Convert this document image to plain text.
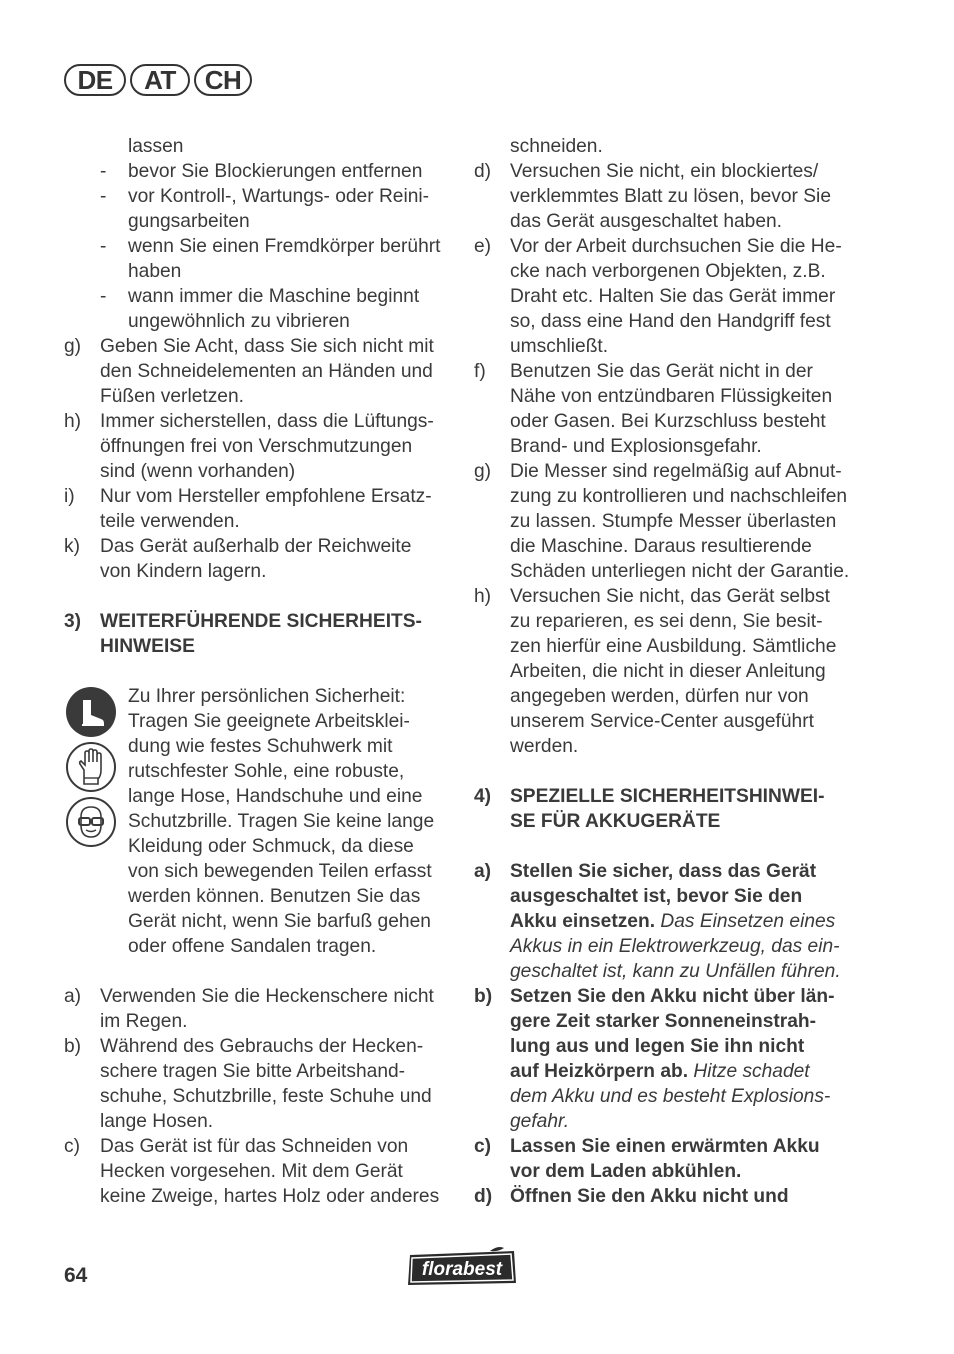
DE	AT	CH
lassen
-	bevor Sie Blockierungen entfernen
-	vor Kontroll-, Wartungs- oder Reini-
gungsarbeiten
-	wenn Sie einen Fremdkörper berührt
haben
-	wann immer die Maschine beginnt
ungewöhnlich zu vibrieren
g) Geben Sie Acht, dass Sie sich nicht mit
den Schneidelementen an Händen und
Füßen verletzen.
h) Immer sicherstellen, dass die Lüftungs-
öffnungen frei von Verschmutzungen
sind (wenn vorhanden)
i)	Nur vom Hersteller empfohlene Ersatz-
teile verwenden.
k)	Das Gerät außerhalb der Reichweite
von Kindern lagern.
3) WEITERFÜHRENDE SICHERHEITS-
HINWEISE
Zu Ihrer persönlichen Sicherheit:
Tragen Sie geeignete Arbeitsklei-
dung wie festes Schuhwerk mit
rutschfester Sohle, eine robuste,
lange Hose, Handschuhe und eine
Schutzbrille. Tragen Sie keine lange
Kleidung oder Schmuck, da diese
von sich bewegenden Teilen erfasst
werden können. Benutzen Sie das
Gerät nicht, wenn Sie barfuß gehen
oder offene Sandalen tragen.
a) Verwenden Sie die Heckenschere nicht
im Regen.
b) Während des Gebrauchs der Hecken-
schere tragen Sie bitte Arbeitshand-
schuhe, Schutzbrille, feste Schuhe und
lange Hosen.
c)	Das Gerät ist für das Schneiden von
Hecken vorgesehen. Mit dem Gerät
keine Zweige, hartes Holz oder anderes
schneiden.
d) Versuchen Sie nicht, ein blockiertes/
verklemmtes Blatt zu lösen, bevor Sie
das Gerät ausgeschaltet haben.
e) Vor der Arbeit durchsuchen Sie die He-
cke nach verborgenen Objekten, z.B.
Draht etc. Halten Sie das Gerät immer
so, dass eine Hand den Handgriff fest
umschließt.
f)	Benutzen Sie das Gerät nicht in der
Nähe von entzündbaren Flüssigkeiten
oder Gasen. Bei Kurzschluss besteht
Brand- und Explosionsgefahr.
g) Die Messer sind regelmäßig auf Abnut-
zung zu kontrollieren und nachschleifen
zu lassen. Stumpfe Messer überlasten
die Maschine. Daraus resultierende
Schäden unterliegen nicht der Garantie.
h) Versuchen Sie nicht, das Gerät selbst
zu reparieren, es sei denn, Sie besit-
zen hierfür eine Ausbildung. Sämtliche
Arbeiten, die nicht in dieser Anleitung
angegeben werden, dürfen nur von
unserem Service-Center ausgeführt
werden.
4) SPEZIELLE SICHERHEITSHINWEI-
SE FÜR AKKUGERÄTE
a) Stellen Sie sicher, dass das Gerät
ausgeschaltet ist, bevor Sie den
Akku einsetzen. Das Einsetzen eines
Akkus in ein Elektrowerkzeug, das ein-
geschaltet ist, kann zu Unfällen führen.
b) Setzen Sie den Akku nicht über län-
gere Zeit starker Sonneneinstrah-
lung aus und legen Sie ihn nicht
auf Heizkörpern ab. Hitze schadet
dem Akku und es besteht Explosions-
gefahr.
c) Lassen Sie einen erwärmten Akku
vor dem Laden abkühlen.
d) Öffnen Sie den Akku nicht und
64	florabest
